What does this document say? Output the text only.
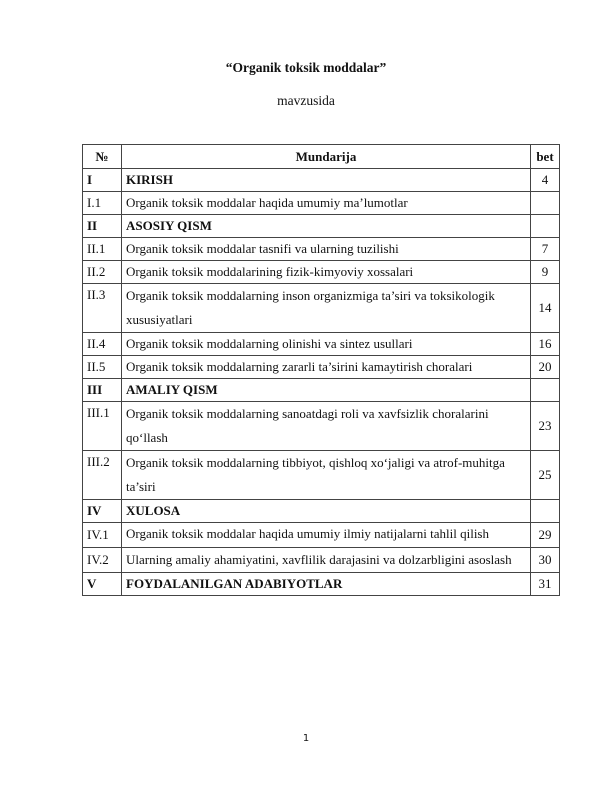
“Organik toksik moddalar”
mavzusida
№	Mundarija	bet
I	KIRISH	4
I.1	Organik toksik moddalar haqida umumiy ma’lumotlar	
II	ASOSIY QISM	
II.1	Organik toksik moddalar tasnifi va ularning tuzilishi	7
II.2	Organik toksik moddalarining fizik-kimyoviy xossalari	9
II.3	Organik toksik moddalarning inson organizmiga ta’siri va toksikologik xususiyatlari	14
II.4	Organik toksik moddalarning olinishi va sintez usullari	16
II.5	Organik toksik moddalarning zararli ta’sirini kamaytirish choralari	20
III	AMALIY QISM	
III.1	Organik toksik moddalarning sanoatdagi roli va xavfsizlik choralarini qo‘llash	23
III.2	Organik toksik moddalarning tibbiyot, qishloq xo‘jaligi va atrof-muhitga ta’siri	25
IV	XULOSA	
IV.1	Organik toksik moddalar haqida umumiy ilmiy natijalarni tahlil qilish	29
IV.2	Ularning amaliy ahamiyatini, xavflilik darajasini va dolzarbligini asoslash	30
V	FOYDALANILGAN ADABIYOTLAR	31
1
